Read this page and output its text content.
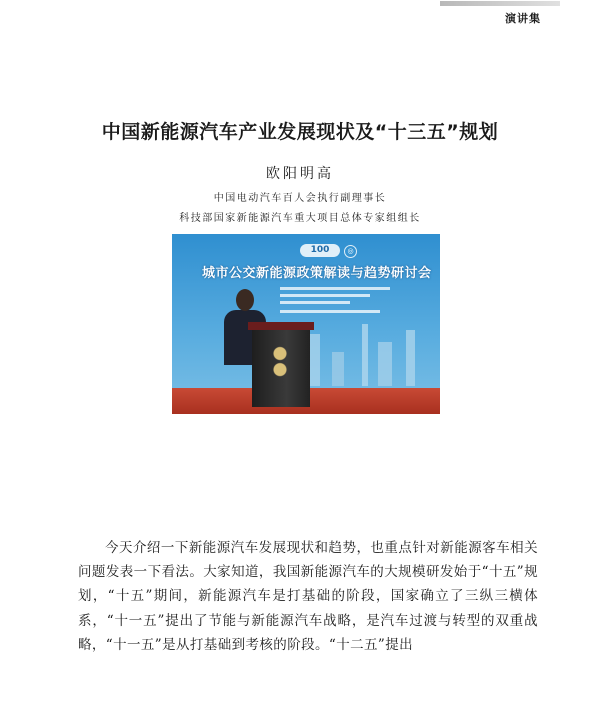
演讲集
中国新能源汽车产业发展现状及“十三五”规划
欧阳明高
中国电动汽车百人会执行副理事长
科技部国家新能源汽车重大项目总体专家组组长
100	◎
城市公交新能源政策解读与趋势研讨会

今天介绍一下新能源汽车发展现状和趋势，也重点针对新能源客车相关问题发表一下看法。大家知道，我国新能源汽车的大规模研发始于“十五”规划，“十五”期间，新能源汽车是打基础的阶段，国家确立了三纵三横体系，“十一五”提出了节能与新能源汽车战略，是汽车过渡与转型的双重战略，“十一五”是从打基础到考核的阶段。“十二五”提出
